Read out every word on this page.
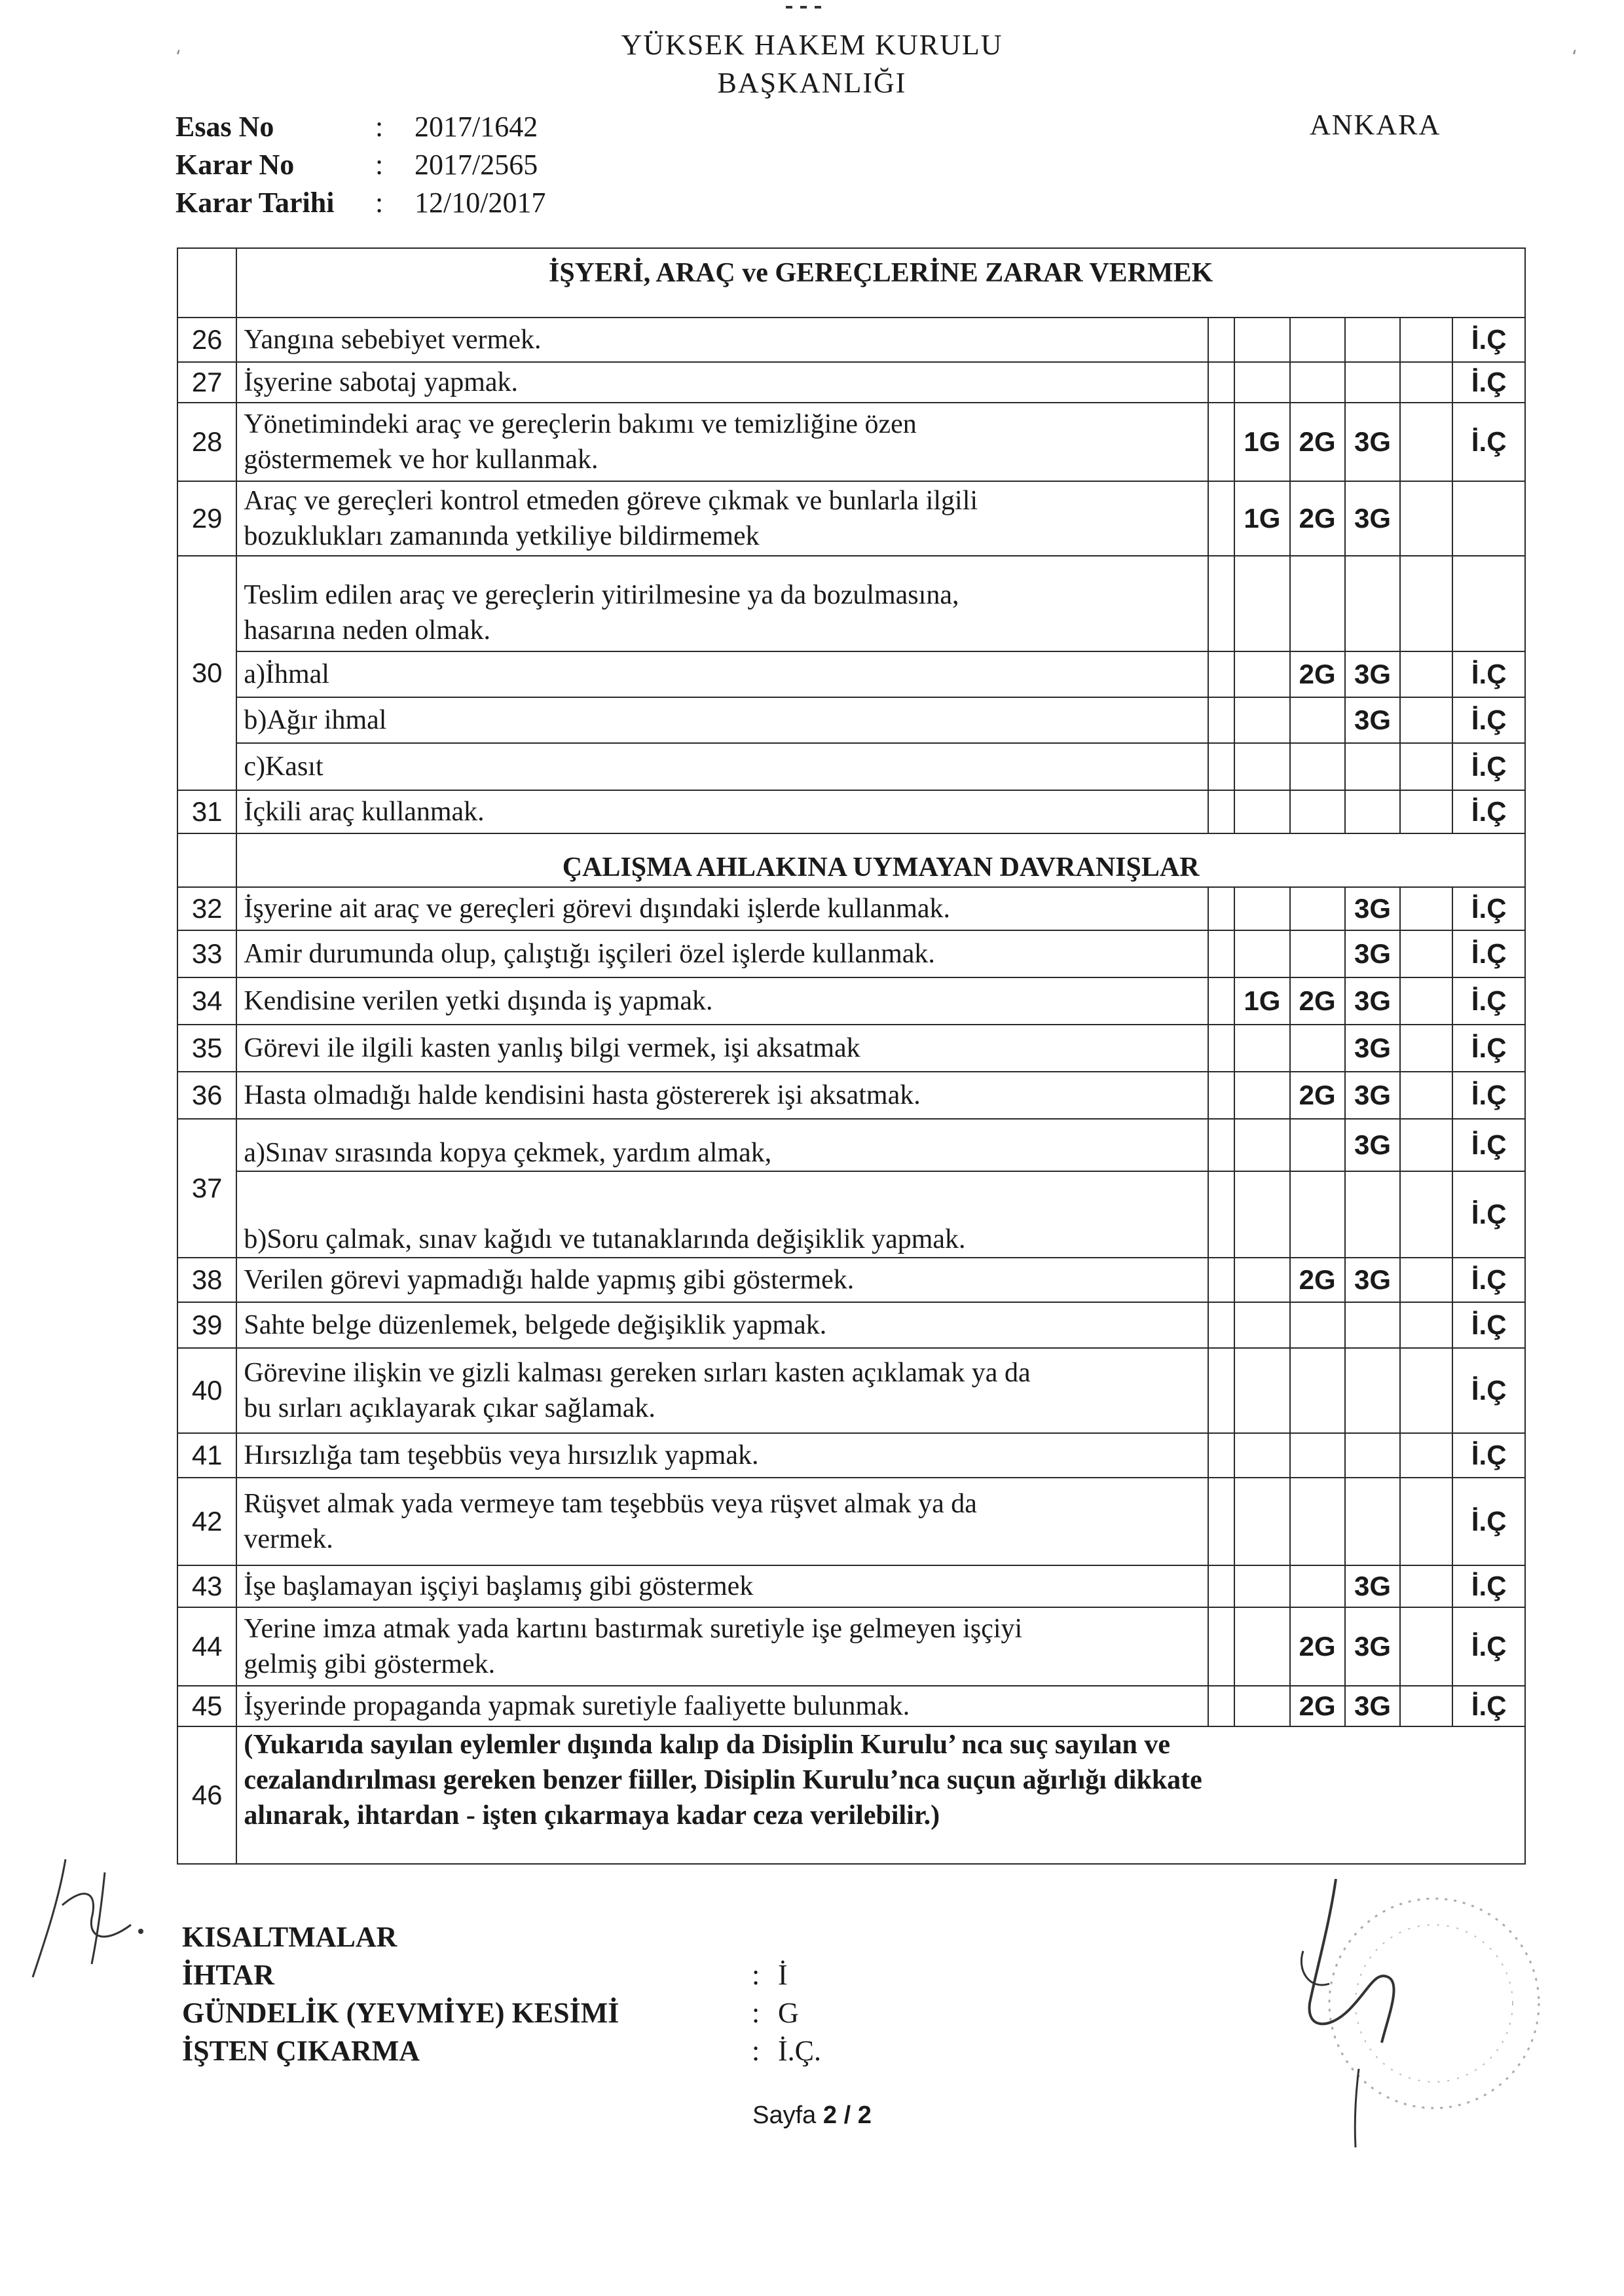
YÜKSEK HAKEM KURULU
BAŞKANLIĞI
Esas No	:	2017/1642
Karar No	:	2017/2565
Karar Tarihi	:	12/10/2017
ANKARA
	İŞYERİ, ARAÇ ve GEREÇLERİNE ZARAR VERMEK						
26	Yangına sebebiyet vermek.						İ.Ç
27	İşyerine sabotaj yapmak.						İ.Ç
28	Yönetimindeki araç ve gereçlerin bakımı ve temizliğine özen
göstermemek ve hor kullanmak.		1G	2G	3G		İ.Ç
29	Araç ve gereçleri kontrol etmeden göreve çıkmak ve bunlarla ilgili
bozuklukları zamanında yetkiliye bildirmemek		1G	2G	3G		
30	Teslim edilen araç ve gereçlerin yitirilmesine ya da bozulmasına,
hasarına neden olmak.						

	a)İhmal			2G	3G		İ.Ç
	b)Ağır ihmal				3G		İ.Ç
	c)Kasıt						İ.Ç
31	İçkili araç kullanmak.						İ.Ç
	ÇALIŞMA AHLAKINA UYMAYAN DAVRANIŞLAR						
32	İşyerine ait araç ve gereçleri görevi dışındaki işlerde kullanmak.				3G		İ.Ç
33	Amir durumunda olup, çalıştığı işçileri özel işlerde kullanmak.				3G		İ.Ç
34	Kendisine verilen yetki dışında iş yapmak.		1G	2G	3G		İ.Ç
35	Görevi ile ilgili kasten yanlış bilgi vermek, işi aksatmak				3G		İ.Ç
36	Hasta olmadığı halde kendisini hasta göstererek işi aksatmak.			2G	3G		İ.Ç
37	a)Sınav sırasında kopya çekmek, yardım almak,				3G		İ.Ç
	b)Soru çalmak, sınav kağıdı ve tutanaklarında değişiklik yapmak.						İ.Ç
38	Verilen görevi yapmadığı halde yapmış gibi göstermek.			2G	3G		İ.Ç
39	Sahte belge düzenlemek, belgede değişiklik yapmak.						İ.Ç
40	Görevine ilişkin ve gizli kalması gereken sırları kasten açıklamak ya da
bu sırları açıklayarak çıkar sağlamak.						İ.Ç
41	Hırsızlığa tam teşebbüs veya hırsızlık yapmak.						İ.Ç
42	Rüşvet almak yada vermeye tam teşebbüs veya rüşvet almak ya da
vermek.						İ.Ç
43	İşe başlamayan işçiyi başlamış gibi göstermek				3G		İ.Ç
44	Yerine imza atmak yada kartını bastırmak suretiyle işe gelmeyen işçiyi
gelmiş gibi göstermek.			2G	3G		İ.Ç
45	İşyerinde propaganda yapmak suretiyle faaliyette bulunmak.			2G	3G		İ.Ç
46	(Yukarıda sayılan eylemler dışında kalıp da Disiplin Kurulu’ nca suç sayılan ve
cezalandırılması gereken benzer fiiller, Disiplin Kurulu’nca suçun ağırlığı dikkate
alınarak, ihtardan - işten çıkarmaya kadar ceza verilebilir.)						
KISALTMALAR
İHTAR	: İ
GÜNDELİK (YEVMİYE) KESİMİ	: G
İŞTEN ÇIKARMA	: İ.Ç.
Sayfa 2 / 2
‘	‘
